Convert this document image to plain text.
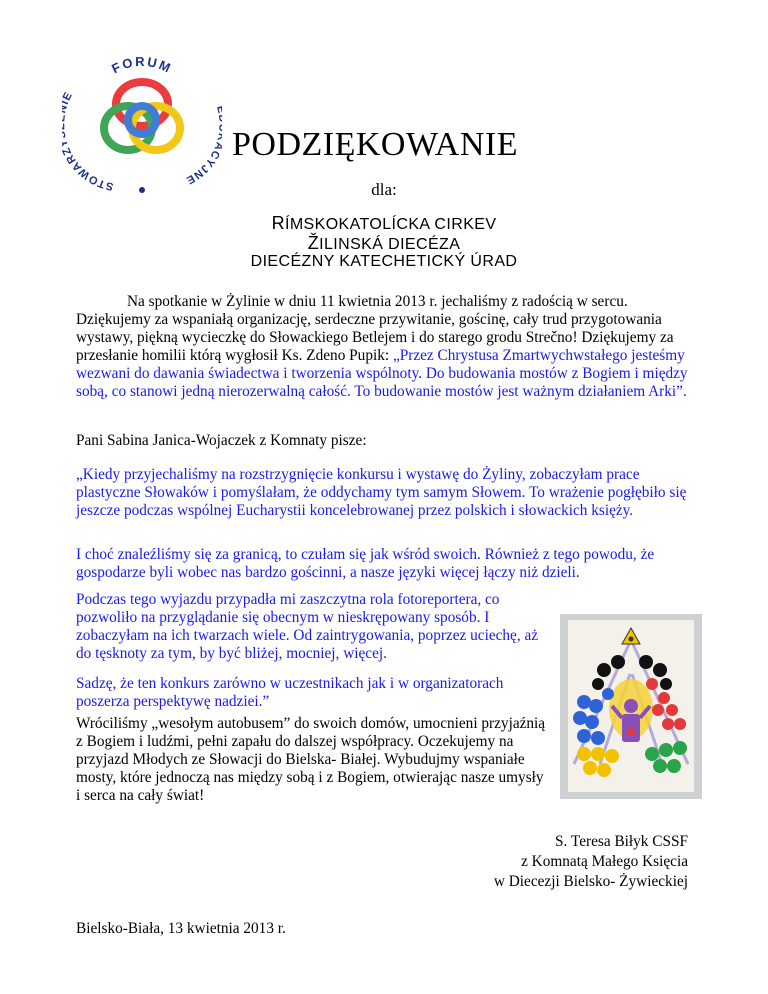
FORUM
STOWAR E
CYJNE
PODZIĘKOWANIE
dla:
RÍMSKOKATOLÍCKA CIRKEV
ŽILINSKÁ DIECÉZA
DIECÉZNY KATECHETICKÝ ÚRAD
Na spotkanie w Żylinie w dniu 11 kwietnia 2013 r. jechaliśmy z radością w sercu. Dziękujemy za wspaniałą organizację, serdeczne przywitanie, gościnę, cały trud przygotowania wystawy, piękną wycieczkę do Słowackiego Betlejem i do starego grodu Strečno! Dziękujemy za przesłanie homilii którą wygłosił Ks. Zdeno Pupik: „Przez Chrystusa Zmartwychwstałego jesteśmy wezwani do dawania świadectwa i tworzenia wspólnoty. Do budowania mostów z Bogiem i między sobą, co stanowi jedną nierozerwalną całość. To budowanie mostów jest ważnym działaniem Arki”.
Pani Sabina Janica-Wojaczek z Komnaty pisze:
„Kiedy przyjechaliśmy na rozstrzygnięcie konkursu i wystawę do Żyliny, zobaczyłam prace plastyczne Słowaków i pomyślałam, że oddychamy tym samym Słowem. To wrażenie pogłębiło się jeszcze podczas wspólnej Eucharystii koncelebrowanej przez polskich i słowackich księży.
I choć znaleźliśmy się za granicą, to czułam się jak wśród swoich. Również z tego powodu, że gospodarze byli wobec nas bardzo gościnni, a nasze języki więcej łączy niż dzieli.
Podczas tego wyjazdu przypadła mi zaszczytna rola fotoreportera, co pozwoliło na przyglądanie się obecnym w nieskrępowany sposób. I zobaczyłam na ich twarzach wiele. Od zaintrygowania, poprzez uciechę, aż do tęsknoty za tym, by być bliżej, mocniej, więcej.
Sadzę, że ten konkurs zarówno w uczestnikach jak i w organizatorach poszerza perspektywę nadziei.”
Wróciliśmy „wesołym autobusem” do swoich domów, umocnieni przyjaźnią z Bogiem i ludźmi, pełni zapału do dalszej współpracy. Oczekujemy na przyjazd Młodych ze Słowacji do Bielska- Białej. Wybudujmy wspaniałe mosty, które jednoczą nas między sobą i z Bogiem, otwierając nasze umysły i serca na cały świat!
S. Teresa Biłyk CSSF
z Komnatą Małego Księcia
w Diecezji Bielsko- Żywieckiej
Bielsko-Biała, 13 kwietnia 2013 r.
